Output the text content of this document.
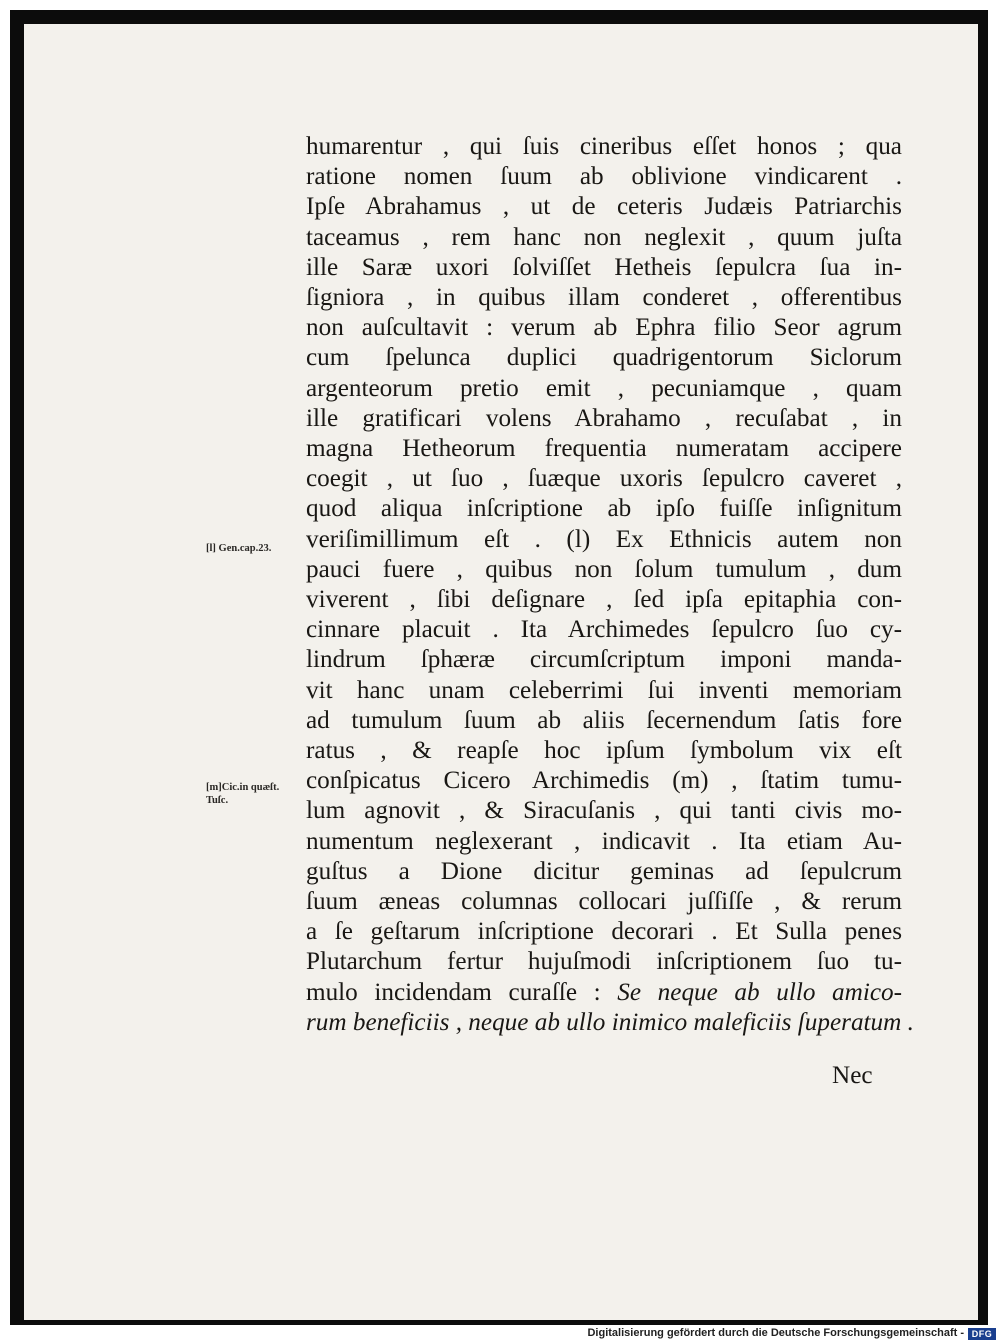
humarentur , qui ſuis cineribus eſſet honos ; qua
ratione nomen ſuum ab oblivione vindicarent .
Ipſe Abrahamus , ut de ceteris Judæis Patriarchis
taceamus , rem hanc non neglexit , quum juſta
ille Saræ uxori ſolviſſet Hetheis ſepulcra ſua in-
ſigniora , in quibus illam conderet , offerentibus
non auſcultavit : verum ab Ephra filio Seor agrum
cum ſpelunca duplici quadrigentorum Siclorum
argenteorum pretio emit , pecuniamque , quam
ille gratificari volens Abrahamo , recuſabat , in
magna Hetheorum frequentia numeratam accipere
coegit , ut ſuo , ſuæque uxoris ſepulcro caveret ,
quod aliqua inſcriptione ab ipſo fuiſſe inſignitum
veriſimillimum eſt . (l) Ex Ethnicis autem non
pauci fuere , quibus non ſolum tumulum , dum
viverent , ſibi deſignare , ſed ipſa epitaphia con-
cinnare placuit . Ita Archimedes ſepulcro ſuo cy-
lindrum ſphæræ circumſcriptum imponi manda-
vit hanc unam celeberrimi ſui inventi memoriam
ad tumulum ſuum ab aliis ſecernendum ſatis fore
ratus , & reapſe hoc ipſum ſymbolum vix eſt
conſpicatus Cicero Archimedis (m) , ſtatim tumu-
lum agnovit , & Siracuſanis , qui tanti civis mo-
numentum neglexerant , indicavit . Ita etiam Au-
guſtus a Dione dicitur geminas ad ſepulcrum
ſuum æneas columnas collocari juſſiſſe , & rerum
a ſe geſtarum inſcriptione decorari . Et Sulla penes
Plutarchum fertur hujuſmodi inſcriptionem ſuo tu-
mulo incidendam curaſſe : Se neque ab ullo amico-
rum beneficiis , neque ab ullo inimico maleficiis ſuperatum .
Nec
[l] Gen.cap.23.
[m]Cic.in quæſt.
Tuſc.
Digitalisierung gefördert durch die Deutsche Forschungsgemeinschaft - DFG
